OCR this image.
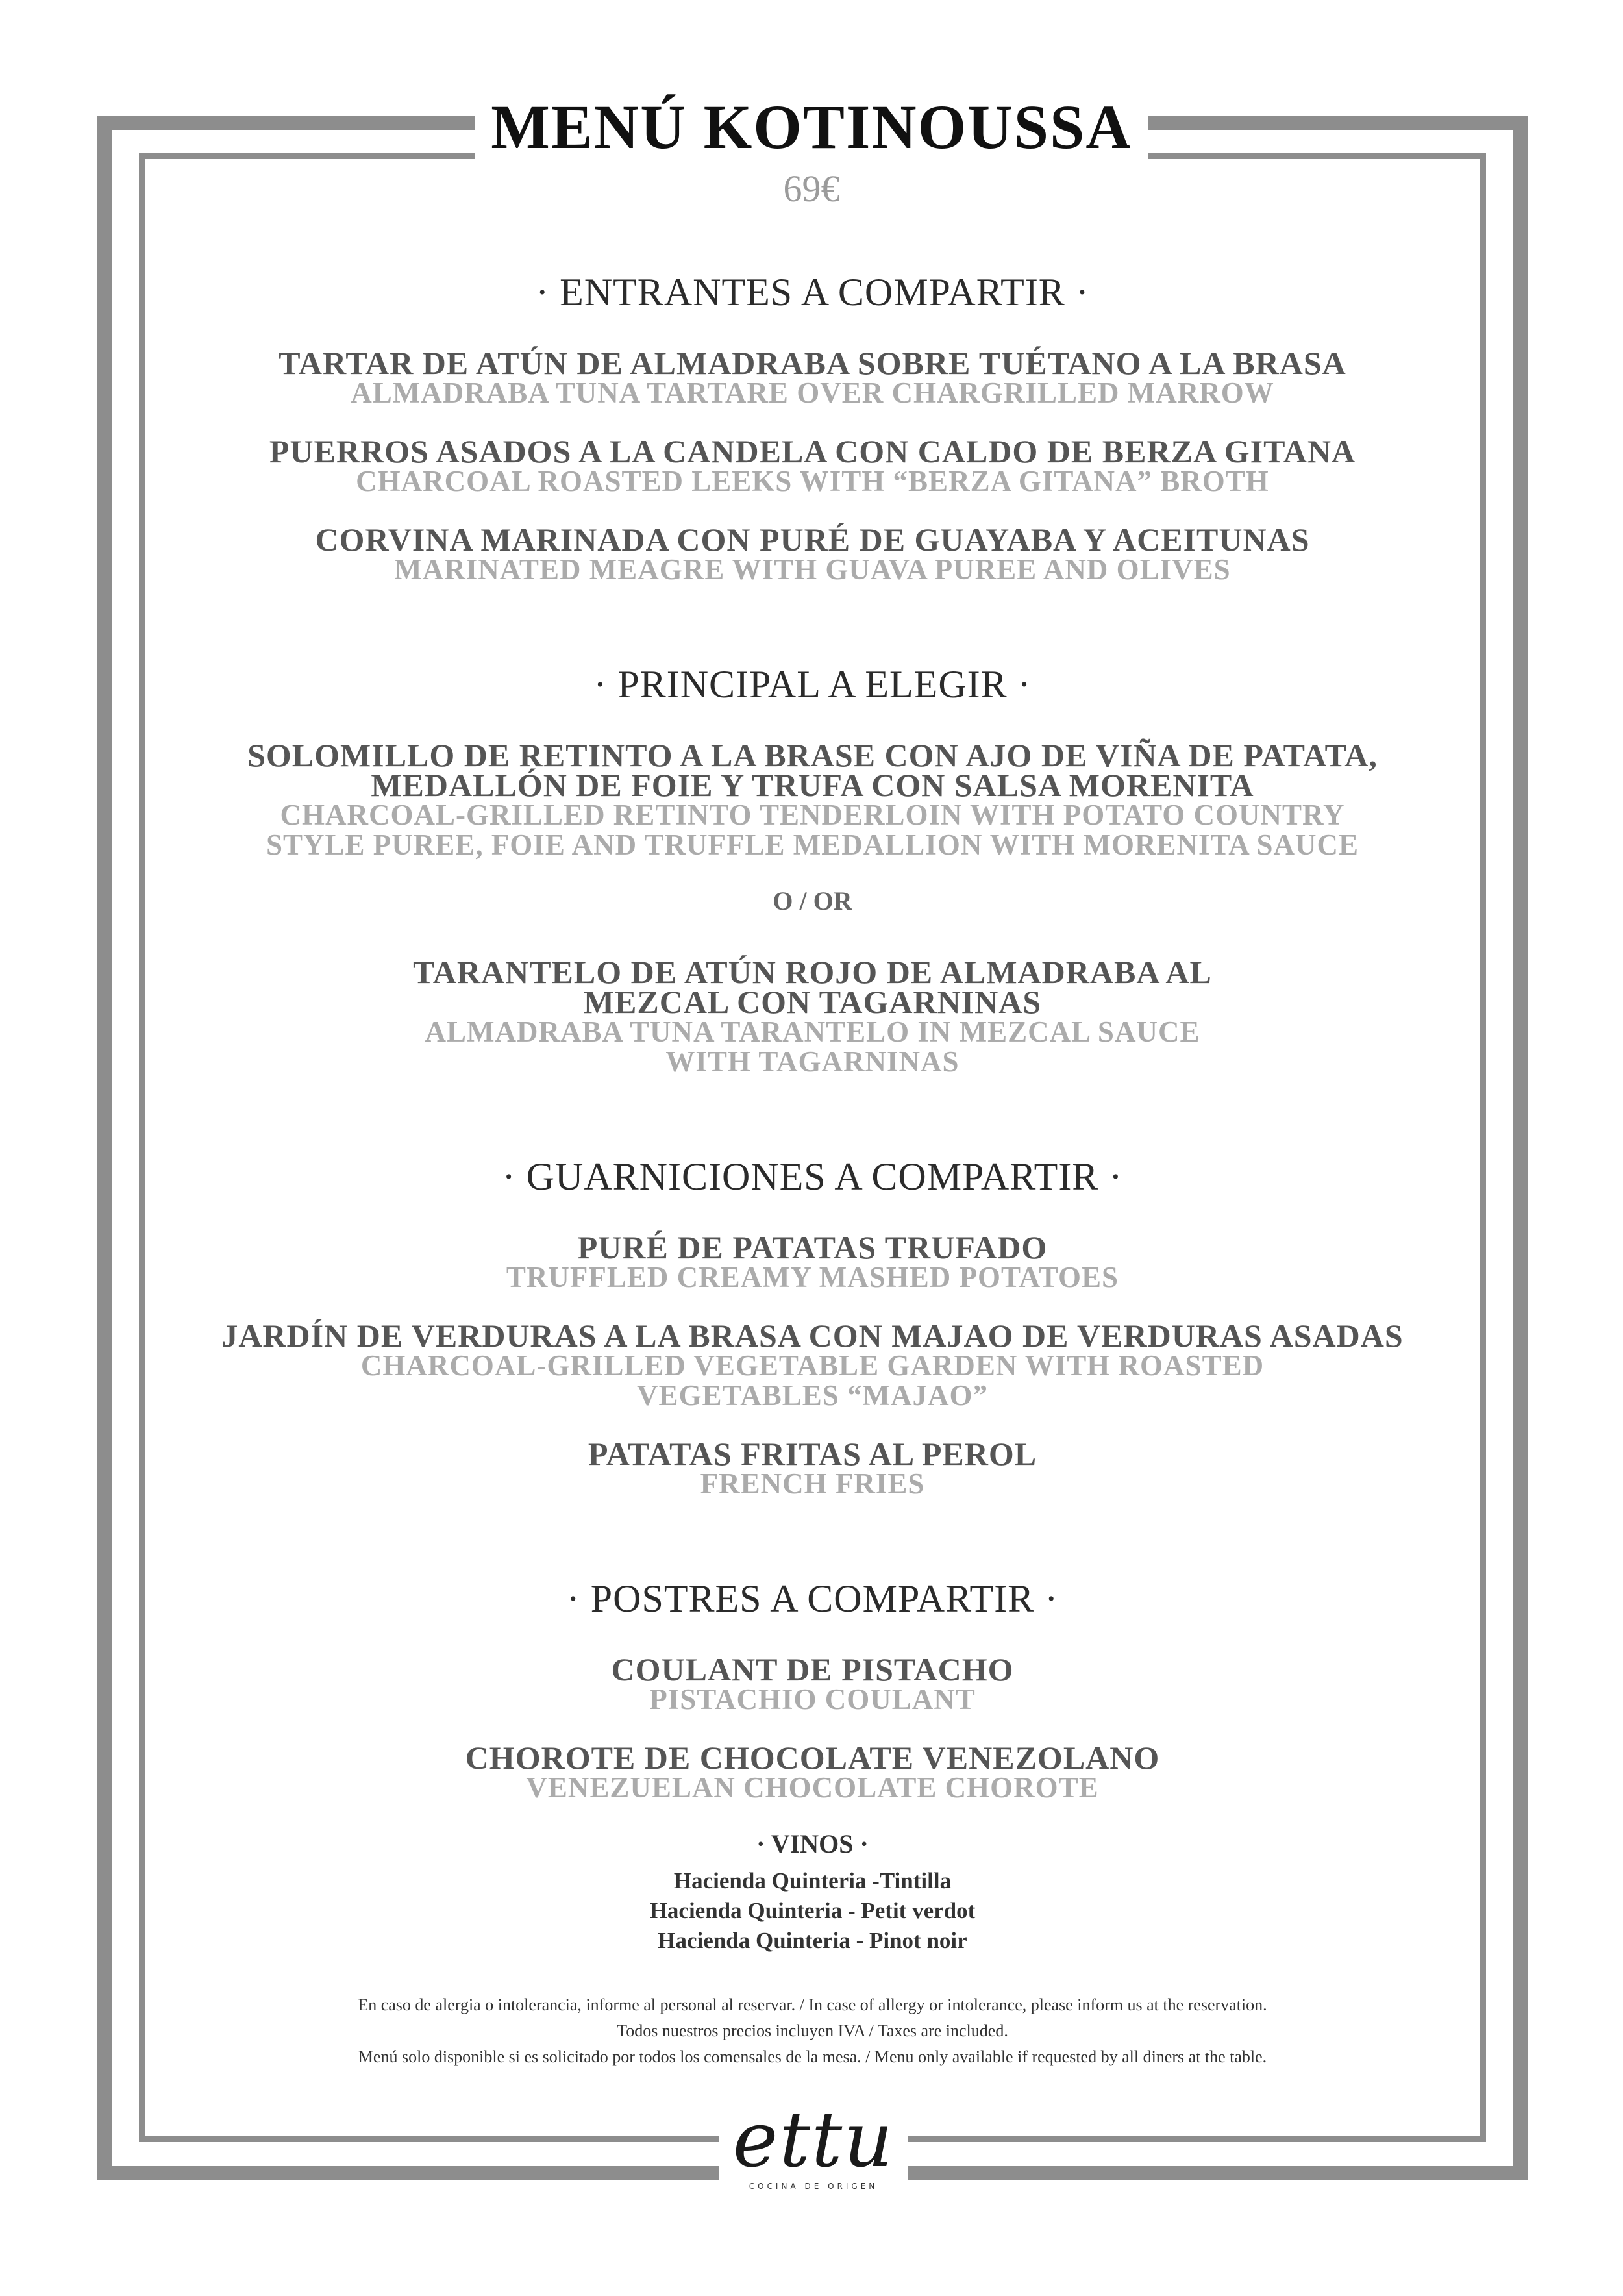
MENÚ KOTINOUSSA
69€
· ENTRANTES A COMPARTIR ·
TARTAR DE ATÚN DE ALMADRABA SOBRE TUÉTANO A LA BRASA
ALMADRABA TUNA TARTARE OVER CHARGRILLED MARROW
PUERROS ASADOS A LA CANDELA CON CALDO DE BERZA GITANA
CHARCOAL ROASTED LEEKS WITH “BERZA GITANA” BROTH
CORVINA MARINADA CON PURÉ DE GUAYABA Y ACEITUNAS
MARINATED MEAGRE WITH GUAVA PUREE AND OLIVES
· PRINCIPAL A ELEGIR ·
SOLOMILLO DE RETINTO A LA BRASE CON AJO DE VIÑA DE PATATA,
MEDALLÓN DE FOIE Y TRUFA CON SALSA MORENITA
CHARCOAL-GRILLED RETINTO TENDERLOIN WITH POTATO COUNTRY
STYLE PUREE, FOIE AND TRUFFLE MEDALLION WITH MORENITA SAUCE
O / OR
TARANTELO DE ATÚN ROJO DE ALMADRABA AL
MEZCAL CON TAGARNINAS
ALMADRABA TUNA TARANTELO IN MEZCAL SAUCE
WITH TAGARNINAS
· GUARNICIONES A COMPARTIR ·
PURÉ DE PATATAS TRUFADO
TRUFFLED CREAMY MASHED POTATOES
JARDÍN DE VERDURAS A LA BRASA CON MAJAO DE VERDURAS ASADAS
CHARCOAL-GRILLED VEGETABLE GARDEN WITH ROASTED
VEGETABLES “MAJAO”
PATATAS FRITAS AL PEROL
FRENCH FRIES
· POSTRES A COMPARTIR ·
COULANT DE PISTACHO
PISTACHIO COULANT
CHOROTE DE CHOCOLATE VENEZOLANO
VENEZUELAN CHOCOLATE CHOROTE
· VINOS ·
Hacienda Quinteria -Tintilla
Hacienda Quinteria - Petit verdot
Hacienda Quinteria - Pinot noir
En caso de alergia o intolerancia, informe al personal al reservar. / In case of allergy or intolerance, please inform us at the reservation.
Todos nuestros precios incluyen IVA / Taxes are included.
Menú solo disponible si es solicitado por todos los comensales de la mesa. / Menu only available if requested by all diners at the table.
ettu
COCINA DE ORIGEN
